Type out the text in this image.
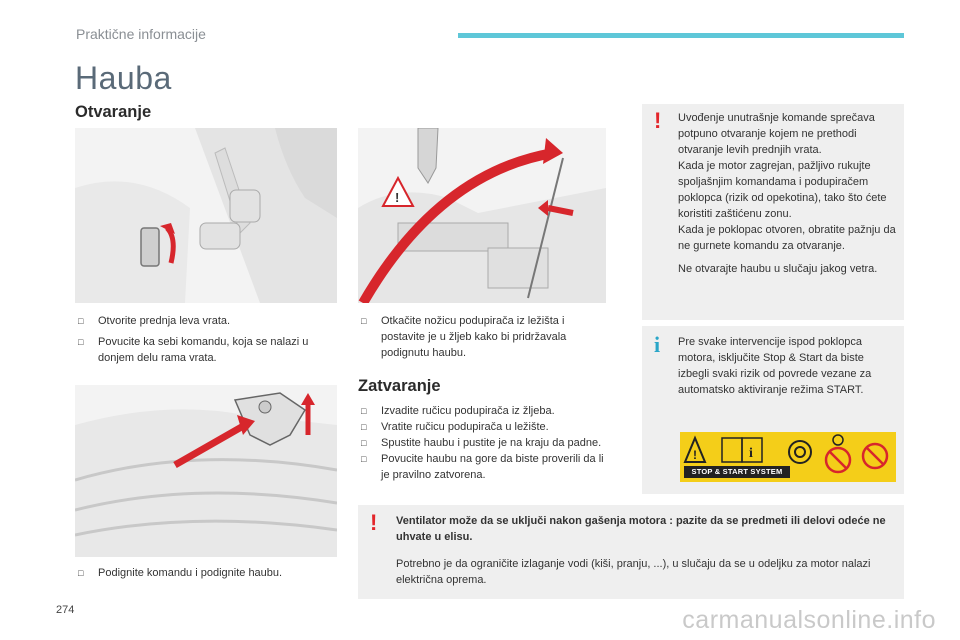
Praktične informacije
Hauba
Otvaranje
!
□ Otvorite prednja leva vrata.
□ Povucite ka sebi komandu, koja se nalazi u donjem delu rama vrata.
□ Otkačite nožicu podupirača iz ležišta i postavite je u žljeb kako bi pridržavala podignutu haubu.
Zatvaranje
□ Izvadite ručicu podupirača iz žljeba.
□ Vratite ručicu podupirača u ležište.
□ Spustite haubu i pustite je na kraju da padne.
□ Povucite haubu na gore da biste proverili da li je pravilno zatvorena.
□ Podignite komandu i podignite haubu.
! Uvođenje unutrašnje komande sprečava potpuno otvaranje kojem ne prethodi otvaranje levih prednjih vrata.

Kada je motor zagrejan, pažljivo rukujte spoljašnjim komandama i podupiračem poklopca (rizik od opekotina), tako što ćete koristiti zaštićenu zonu.

Kada je poklopac otvoren, obratite pažnju da ne gurnete komandu za otvaranje.

Ne otvarajte haubu u slučaju jakog vetra.

i Pre svake intervencije ispod poklopca motora, isključite Stop & Start da biste izbegli svaki rizik od povrede vezane za automatsko aktiviranje režima START.

!	i
STOP & START SYSTEM
! Ventilator može da se uključi nakon gašenja motora : pazite da se predmeti ili delovi odeće ne uhvate u elisu.

Potrebno je da ograničite izlaganje vodi (kiši, pranju, ...), u slučaju da se u odeljku za motor nalazi električna oprema.

274	carmanualsonline.info
